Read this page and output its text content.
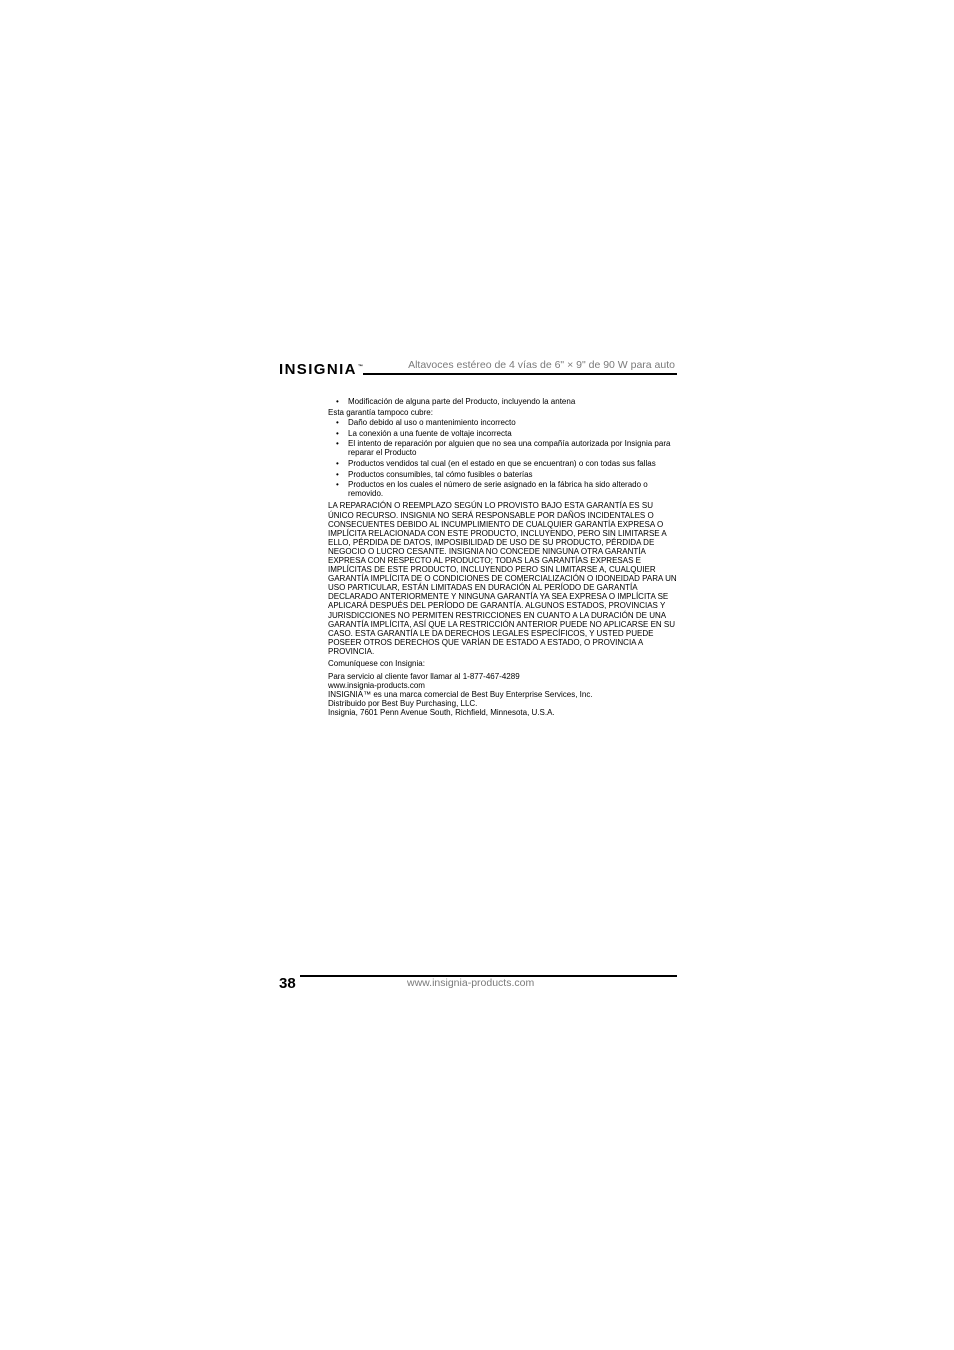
INSIGNIA™	Altavoces estéreo de 4 vías de 6" × 9" de 90 W para auto
• Modificación de alguna parte del Producto, incluyendo la antena

Esta garantía tampoco cubre:

• Daño debido al uso o mantenimiento incorrecto
• La conexión a una fuente de voltaje incorrecta
• El intento de reparación por alguien que no sea una compañía autorizada por Insignia para reparar el Producto
• Productos vendidos tal cual (en el estado en que se encuentran) o con todas sus fallas
• Productos consumibles, tal cómo fusibles o baterías
• Productos en los cuales el número de serie asignado en la fábrica ha sido alterado o removido.

LA REPARACIÓN O REEMPLAZO SEGÚN LO PROVISTO BAJO ESTA GARANTÍA ES SU ÚNICO RECURSO. INSIGNIA NO SERÁ RESPONSABLE POR DAÑOS INCIDENTALES O CONSECUENTES DEBIDO AL INCUMPLIMIENTO DE CUALQUIER GARANTÍA EXPRESA O IMPLÍCITA RELACIONADA CON ESTE PRODUCTO, INCLUYENDO, PERO SIN LIMITARSE A ELLO, PÉRDIDA DE DATOS, IMPOSIBILIDAD DE USO DE SU PRODUCTO, PÉRDIDA DE NEGOCIO O LUCRO CESANTE. INSIGNIA NO CONCEDE NINGUNA OTRA GARANTÍA EXPRESA CON RESPECTO AL PRODUCTO; TODAS LAS GARANTÍAS EXPRESAS E IMPLÍCITAS DE ESTE PRODUCTO, INCLUYENDO PERO SIN LIMITARSE A, CUALQUIER GARANTÍA IMPLÍCITA DE O CONDICIONES DE COMERCIALIZACIÓN O IDONEIDAD PARA UN USO PARTICULAR, ESTÁN LIMITADAS EN DURACIÓN AL PERÍODO DE GARANTÍA DECLARADO ANTERIORMENTE Y NINGUNA GARANTÍA YA SEA EXPRESA O IMPLÍCITA SE APLICARÁ DESPUÉS DEL PERÍODO DE GARANTÍA. ALGUNOS ESTADOS, PROVINCIAS Y JURISDICCIONES NO PERMITEN RESTRICCIONES EN CUANTO A LA DURACIÓN DE UNA GARANTÍA IMPLÍCITA, ASÍ QUE LA RESTRICCIÓN ANTERIOR PUEDE NO APLICARSE EN SU CASO. ESTA GARANTÍA LE DA DERECHOS LEGALES ESPECÍFICOS, Y USTED PUEDE POSEER OTROS DERECHOS QUE VARÍAN DE ESTADO A ESTADO, O PROVINCIA A PROVINCIA.

Comuníquese con Insignia:

Para servicio al cliente favor llamar al 1-877-467-4289
www.insignia-products.com
INSIGNIA™ es una marca comercial de Best Buy Enterprise Services, Inc.
Distribuido por Best Buy Purchasing, LLC.
Insignia, 7601 Penn Avenue South, Richfield, Minnesota, U.S.A.
38	www.insignia-products.com
